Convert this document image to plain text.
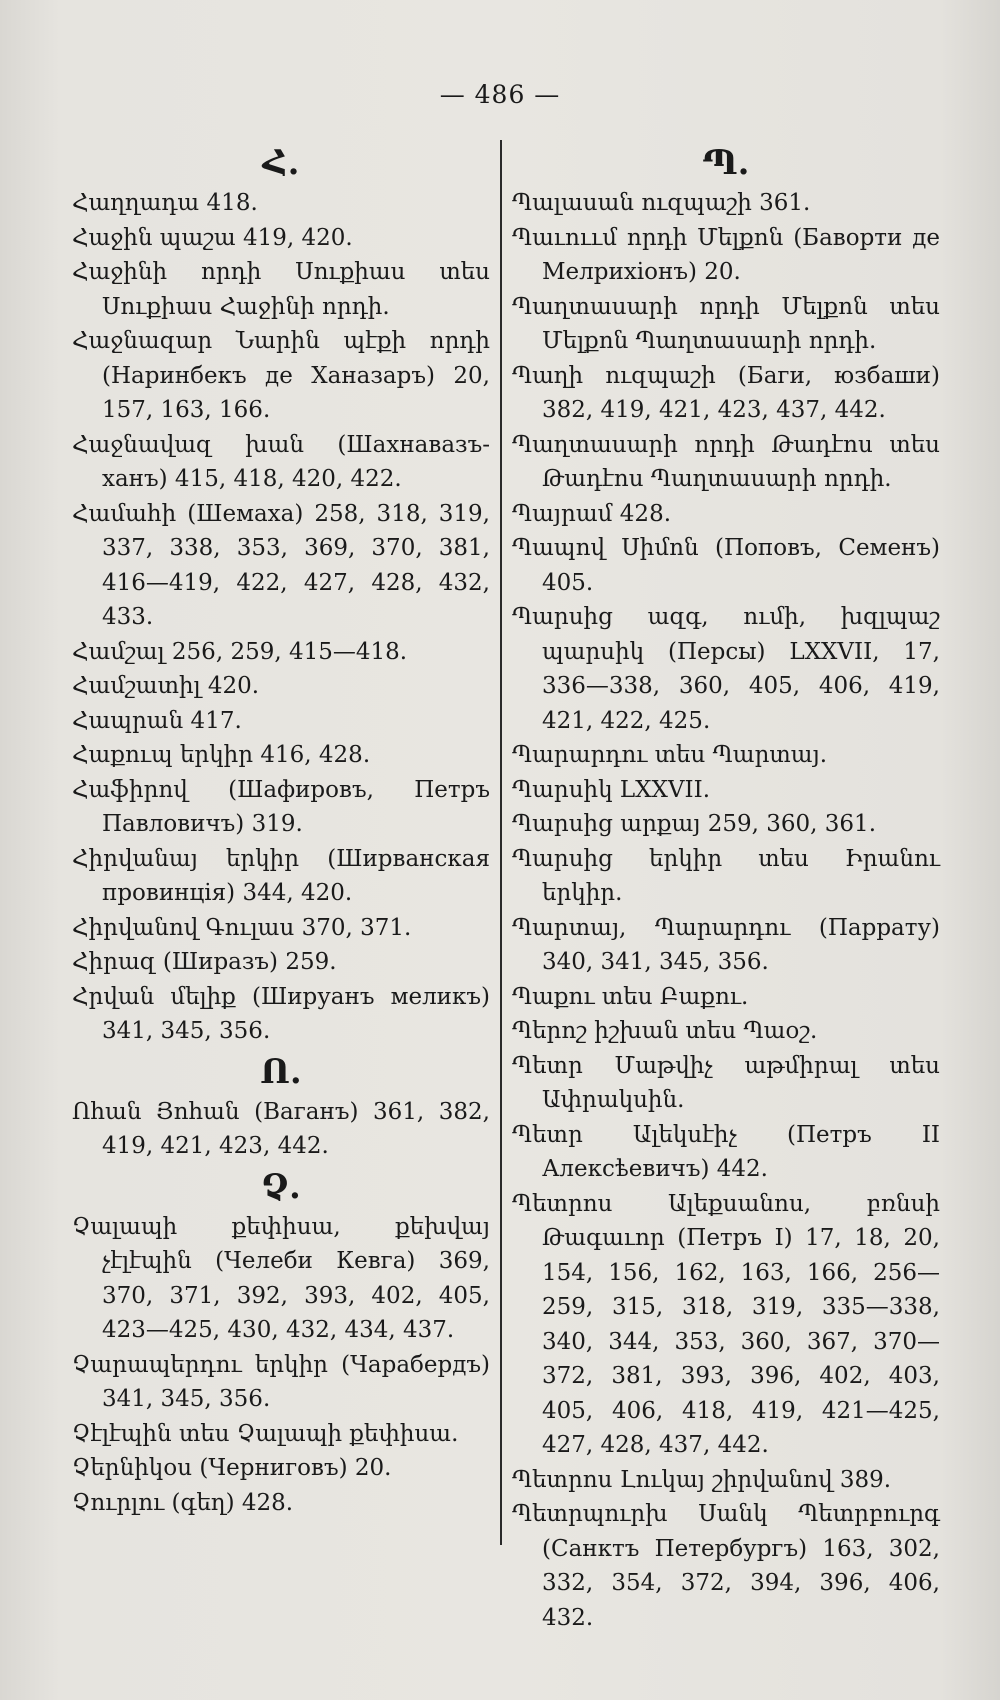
— 486 —
Հ.
Հաղղադա 418.
Հաջին պաշա 419, 420.
Հաջինի որդի Սուքիաս տես Սուքիաս Հաջինի որդի.
Հաջնազար Նարին պէքի որդի (Наринбекъ де Ханазаръ) 20, 157, 163, 166.
Հաջնավազ խան (Шахнавазъ-ханъ) 415, 418, 420, 422.
Համահի (Шемаха) 258, 318, 319, 337, 338, 353, 369, 370, 381, 416—419, 422, 427, 428, 432, 433.
Համշալ 256, 259, 415—418.
Համշատիլ 420.
Հապրան 417.
Հաքուպ երկիր 416, 428.
Հաֆիրով (Шафировъ, Петръ Павловичъ) 319.
Հիրվանայ երկիր (Ширванская провинція) 344, 420.
Հիրվանով Գուլաս 370, 371.
Հիրազ (Ширазъ) 259.
Հրվան մելիք (Шируанъ меликъ) 341, 345, 356.
Ո.
Ոհան Յոհան (Ваганъ) 361, 382, 419, 421, 423, 442.
Չ.
Չալապի քեփիսա, քեխվայ չէլէպին (Челеби Кевга) 369, 370, 371, 392, 393, 402, 405, 423—425, 430, 432, 434, 437.
Չարապերդու երկիր (Чарабердъ) 341, 345, 356.
Չէլէպին տես Չալապի քեփիսա.
Չերնիկօս (Черниговъ) 20.
Չուրլու (գեղ) 428.
Պ.
Պալասան ուզպաշի 361.
Պաւոււմ որդի Մելքոն (Баворти де Мелрихіонъ) 20.
Պաղտասարի որդի Մելքոն տես Մելքոն Պաղտասարի որդի.
Պաղի ուզպաշի (Баги, юзбаши) 382, 419, 421, 423, 437, 442.
Պաղտասարի որդի Թադէոս տես Թադէոս Պաղտասարի որդի.
Պայրամ 428.
Պապով Սիմոն (Поповъ, Семенъ) 405.
Պարսից ազգ, ումի, խզլպաշ պարսիկ (Персы) LXXVII, 17, 336—338, 360, 405, 406, 419, 421, 422, 425.
Պարարդու տես Պարտայ.
Պարսիկ LXXVII.
Պարսից արքայ 259, 360, 361.
Պարսից երկիր տես Իրանու երկիր.
Պարտայ, Պարարդու (Паррату) 340, 341, 345, 356.
Պաքու տես Բաքու.
Պերոշ իշխան տես Պաօշ.
Պետր Մաթվիչ աթմիրալ տես Ափրակսին.
Պետր Ալեկսէիչ (Петръ II Алексѣевичъ) 442.
Պետրոս Ալեքսանոս, բռնսի Թագաւոր (Петръ I) 17, 18, 20, 154, 156, 162, 163, 166, 256—259, 315, 318, 319, 335—338, 340, 344, 353, 360, 367, 370—372, 381, 393, 396, 402, 403, 405, 406, 418, 419, 421—425, 427, 428, 437, 442.
Պետրոս Լուկայ շիրվանով 389.
Պետրպուրխ Սանկ Պետրբուրգ (Санктъ Петербургъ) 163, 302, 332, 354, 372, 394, 396, 406, 432.
